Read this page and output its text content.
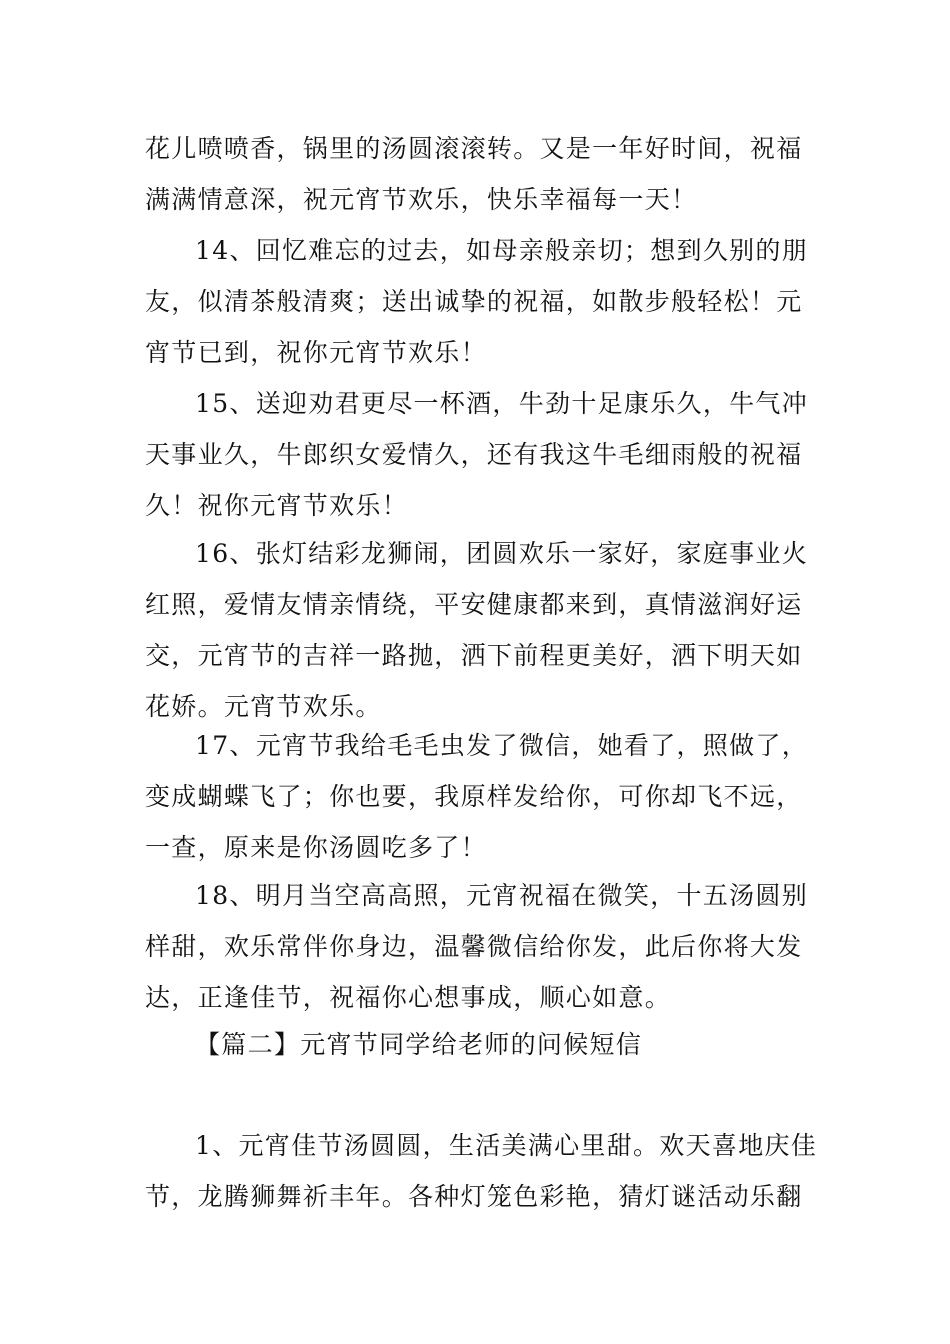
花儿喷喷香，锅里的汤圆滚滚转。又是一年好时间，祝福
满满情意深，祝元宵节欢乐，快乐幸福每一天！
14、回忆难忘的过去，如母亲般亲切；想到久别的朋
友，似清茶般清爽；送出诚挚的祝福，如散步般轻松！元
宵节已到，祝你元宵节欢乐！
15、送迎劝君更尽一杯酒，牛劲十足康乐久，牛气冲
天事业久，牛郎织女爱情久，还有我这牛毛细雨般的祝福
久！祝你元宵节欢乐！
16、张灯结彩龙狮闹，团圆欢乐一家好，家庭事业火
红照，爱情友情亲情绕，平安健康都来到，真情滋润好运
交，元宵节的吉祥一路抛，洒下前程更美好，洒下明天如
花娇。元宵节欢乐。
17、元宵节我给毛毛虫发了微信，她看了，照做了，
变成蝴蝶飞了；你也要，我原样发给你，可你却飞不远，
一查，原来是你汤圆吃多了！
18、明月当空高高照，元宵祝福在微笑，十五汤圆别
样甜，欢乐常伴你身边，温馨微信给你发，此后你将大发
达，正逢佳节，祝福你心想事成，顺心如意。
【篇二】元宵节同学给老师的问候短信
1、元宵佳节汤圆圆，生活美满心里甜。欢天喜地庆佳
节，龙腾狮舞祈丰年。各种灯笼色彩艳，猜灯谜活动乐翻
